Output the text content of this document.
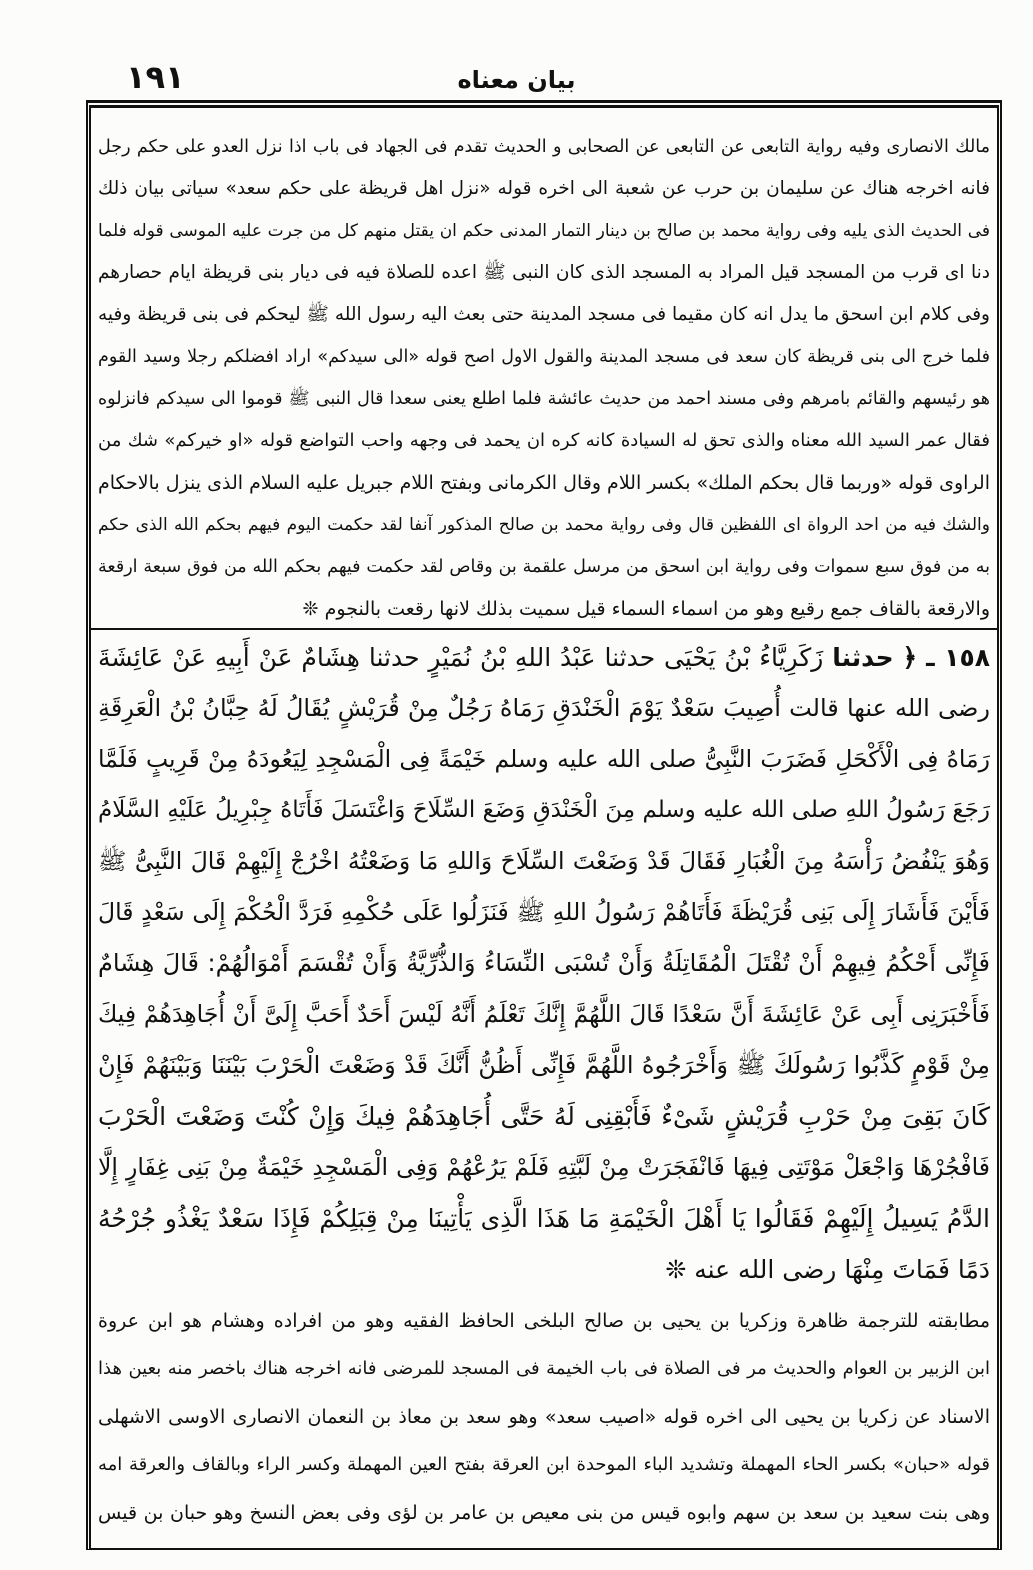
١٩١	بيان معناه
مالك الانصارى وفيه رواية التابعى عن التابعى عن الصحابى و الحديث تقدم فى الجهاد فى باب اذا نزل العدو على حكم رجل
فانه اخرجه هناك عن سليمان بن حرب عن شعبة الى اخره قوله «نزل اهل قريظة على حكم سعد» سياتى بيان ذلك
فى الحديث الذى يليه وفى رواية محمد بن صالح بن دينار التمار المدنى حكم ان يقتل منهم كل من جرت عليه الموسى قوله فلما
دنا اى قرب من المسجد قيل المراد به المسجد الذى كان النبى ﷺ اعده للصلاة فيه فى ديار بنى قريظة ايام حصارهم
وفى كلام ابن اسحق ما يدل انه كان مقيما فى مسجد المدينة حتى بعث اليه رسول الله ﷺ ليحكم فى بنى قريظة وفيه
فلما خرج الى بنى قريظة كان سعد فى مسجد المدينة والقول الاول اصح قوله «الى سيدكم» اراد افضلكم رجلا وسيد القوم
هو رئيسهم والقائم بامرهم وفى مسند احمد من حديث عائشة فلما اطلع يعنى سعدا قال النبى ﷺ قوموا الى سيدكم فانزلوه
فقال عمر السيد الله معناه والذى تحق له السيادة كانه كره ان يحمد فى وجهه واحب التواضع قوله «او خيركم» شك من
الراوى قوله «وربما قال بحكم الملك» بكسر اللام وقال الكرمانى وبفتح اللام جبريل عليه السلام الذى ينزل بالاحكام
والشك فيه من احد الرواة اى اللفظين قال وفى رواية محمد بن صالح المذكور آنفا لقد حكمت اليوم فيهم بحكم الله الذى حكم
به من فوق سبع سموات وفى رواية ابن اسحق من مرسل علقمة بن وقاص لقد حكمت فيهم بحكم الله من فوق سبعة ارقعة
والارقعة بالقاف جمع رقيع وهو من اسماء السماء قيل سميت بذلك لانها رقعت بالنجوم ❊
١٥٨ ـ ﴿ حدثنا زَكَرِيَّاءُ بْنُ يَحْيَى حدثنا عَبْدُ اللهِ بْنُ نُمَيْرٍ حدثنا هِشَامٌ عَنْ أَبِيهِ عَنْ عَائِشَةَ
رضى الله عنها قالت أُصِيبَ سَعْدٌ يَوْمَ الْخَنْدَقِ رَمَاهُ رَجُلٌ مِنْ قُرَيْشٍ يُقَالُ لَهُ حِبَّانُ بْنُ الْعَرِقَةِ
رَمَاهُ فِى الْأَكْحَلِ فَضَرَبَ النَّبِىُّ صلى الله عليه وسلم خَيْمَةً فِى الْمَسْجِدِ لِيَعُودَهُ مِنْ قَرِيبٍ فَلَمَّا
رَجَعَ رَسُولُ اللهِ صلى الله عليه وسلم مِنَ الْخَنْدَقِ وَضَعَ السِّلَاحَ وَاغْتَسَلَ فَأَتَاهُ جِبْرِيلُ عَلَيْهِ السَّلَامُ
وَهُوَ يَنْفُضُ رَأْسَهُ مِنَ الْغُبَارِ فَقَالَ قَدْ وَضَعْتَ السِّلَاحَ وَاللهِ مَا وَضَعْتُهُ اخْرُجْ إِلَيْهِمْ قَالَ النَّبِىُّ ﷺ
فَأَيْنَ فَأَشَارَ إِلَى بَنِى قُرَيْظَةَ فَأَتَاهُمْ رَسُولُ اللهِ ﷺ فَنَزَلُوا عَلَى حُكْمِهِ فَرَدَّ الْحُكْمَ إِلَى سَعْدٍ قَالَ
فَإِنِّى أَحْكُمُ فِيهِمْ أَنْ تُقْتَلَ الْمُقَاتِلَةُ وَأَنْ تُسْبَى النِّسَاءُ وَالذُّرِّيَّةُ وَأَنْ تُقْسَمَ أَمْوَالُهُمْ: قَالَ هِشَامٌ
فَأَخْبَرَنِى أَبِى عَنْ عَائِشَةَ أَنَّ سَعْدًا قَالَ اللَّهُمَّ إِنَّكَ تَعْلَمُ أَنَّهُ لَيْسَ أَحَدٌ أَحَبَّ إِلَىَّ أَنْ أُجَاهِدَهُمْ فِيكَ
مِنْ قَوْمٍ كَذَّبُوا رَسُولَكَ ﷺ وَأَخْرَجُوهُ اللَّهُمَّ فَإِنِّى أَظُنُّ أَنَّكَ قَدْ وَضَعْتَ الْحَرْبَ بَيْنَنَا وَبَيْنَهُمْ فَإِنْ
كَانَ بَقِىَ مِنْ حَرْبِ قُرَيْشٍ شَىْءٌ فَأَبْقِنِى لَهُ حَتَّى أُجَاهِدَهُمْ فِيكَ وَإِنْ كُنْتَ وَضَعْتَ الْحَرْبَ
فَافْجُرْهَا وَاجْعَلْ مَوْتَتِى فِيهَا فَانْفَجَرَتْ مِنْ لَبَّتِهِ فَلَمْ يَرُعْهُمْ وَفِى الْمَسْجِدِ خَيْمَةٌ مِنْ بَنِى غِفَارٍ إِلَّا
الدَّمُ يَسِيلُ إِلَيْهِمْ فَقَالُوا يَا أَهْلَ الْخَيْمَةِ مَا هَذَا الَّذِى يَأْتِينَا مِنْ قِبَلِكُمْ فَإِذَا سَعْدٌ يَغْذُو جُرْحُهُ
دَمًا فَمَاتَ مِنْهَا رضى الله عنه ❊
مطابقته للترجمة ظاهرة وزكريا بن يحيى بن صالح البلخى الحافظ الفقيه وهو من افراده وهشام هو ابن عروة
ابن الزبير بن العوام والحديث مر فى الصلاة فى باب الخيمة فى المسجد للمرضى فانه اخرجه هناك باخصر منه بعين هذا
الاسناد عن زكريا بن يحيى الى اخره قوله «اصيب سعد» وهو سعد بن معاذ بن النعمان الانصارى الاوسى الاشهلى
قوله «حبان» بكسر الحاء المهملة وتشديد الباء الموحدة ابن العرقة بفتح العين المهملة وكسر الراء وبالقاف والعرقة امه
وهى بنت سعيد بن سعد بن سهم وابوه قيس من بنى معيص بن عامر بن لؤى وفى بعض النسخ وهو حبان بن قيس
